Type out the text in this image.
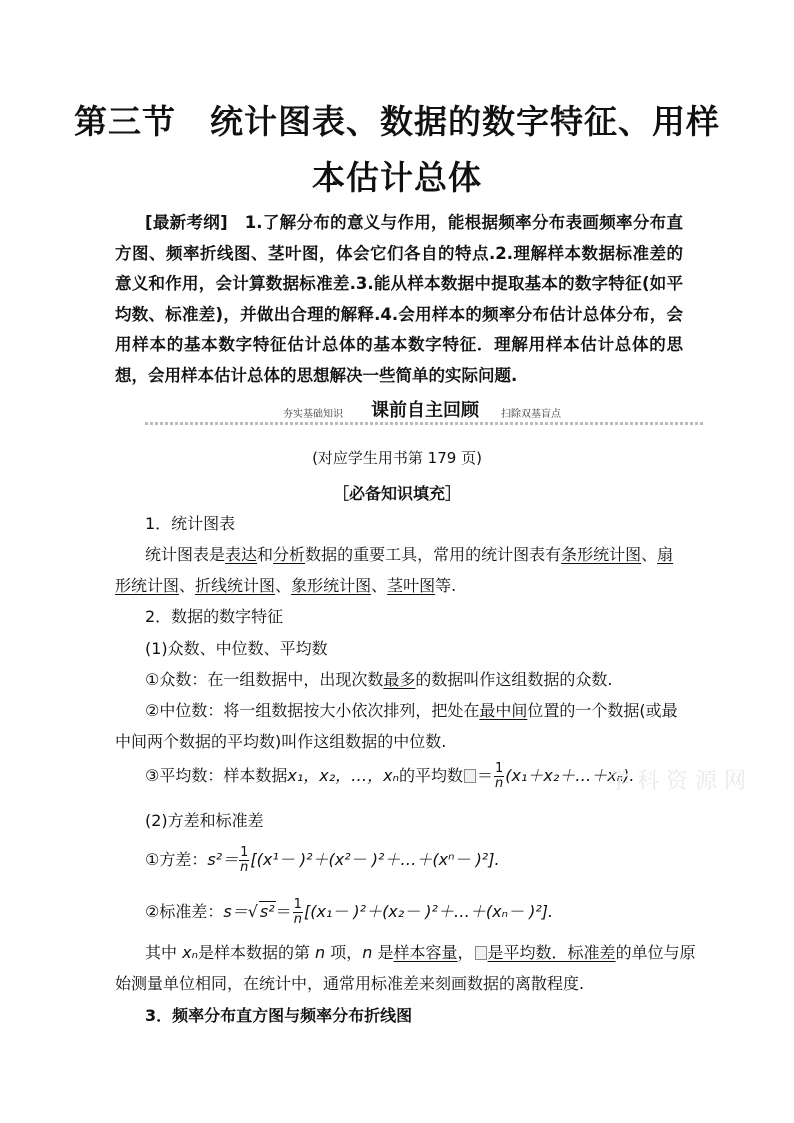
第三节　统计图表、数据的数字特征、用样
本估计总体
[最新考纲]　1.了解分布的意义与作用，能根据频率分布表画频率分布直方图、频率折线图、茎叶图，体会它们各自的特点.2.理解样本数据标准差的意义和作用，会计算数据标准差.3.能从样本数据中提取基本的数字特征(如平均数、标准差)，并做出合理的解释.4.会用样本的频率分布估计总体分布，会用样本的基本数字特征估计总体的基本数字特征．理解用样本估计总体的思想，会用样本估计总体的思想解决一些简单的实际问题.
夯实基础知识	课前自主回顾	扫除双基盲点
(对应学生用书第 179 页)
［必备知识填充］
1．统计图表
统计图表是表达和分析数据的重要工具，常用的统计图表有条形统计图、扇
形统计图、折线统计图、象形统计图、茎叶图等.
2．数据的数字特征
(1)众数、中位数、平均数
①众数：在一组数据中，出现次数最多的数据叫作这组数据的众数.
②中位数：将一组数据按大小依次排列，把处在最中间位置的一个数据(或最
中间两个数据的平均数)叫作这组数据的中位数.
③平均数：样本数据x₁，x₂，…，xₙ的平均数 ＝ $\frac{1}{n}$ (x₁＋x₂＋…＋xₙ).
(2)方差和标准差
①方差：$s^2= \frac{1}{n} [(x^1- )^2+(x^2-$ )²＋…＋(xⁿ－ )²].
②标准差：s＝√ $s^2= \frac{1}{n} [(x_1- )^2+(x_2-$ )²＋…＋(xₙ－ )²].
其中 xₙ是样本数据的第 n 项，n 是样本容量， 是平均数．标准差的单位与原
始测量单位相同，在统计中，通常用标准差来刻画数据的离散程度.
3．频率分布直方图与频率分布折线图
学 科 资 源 网
